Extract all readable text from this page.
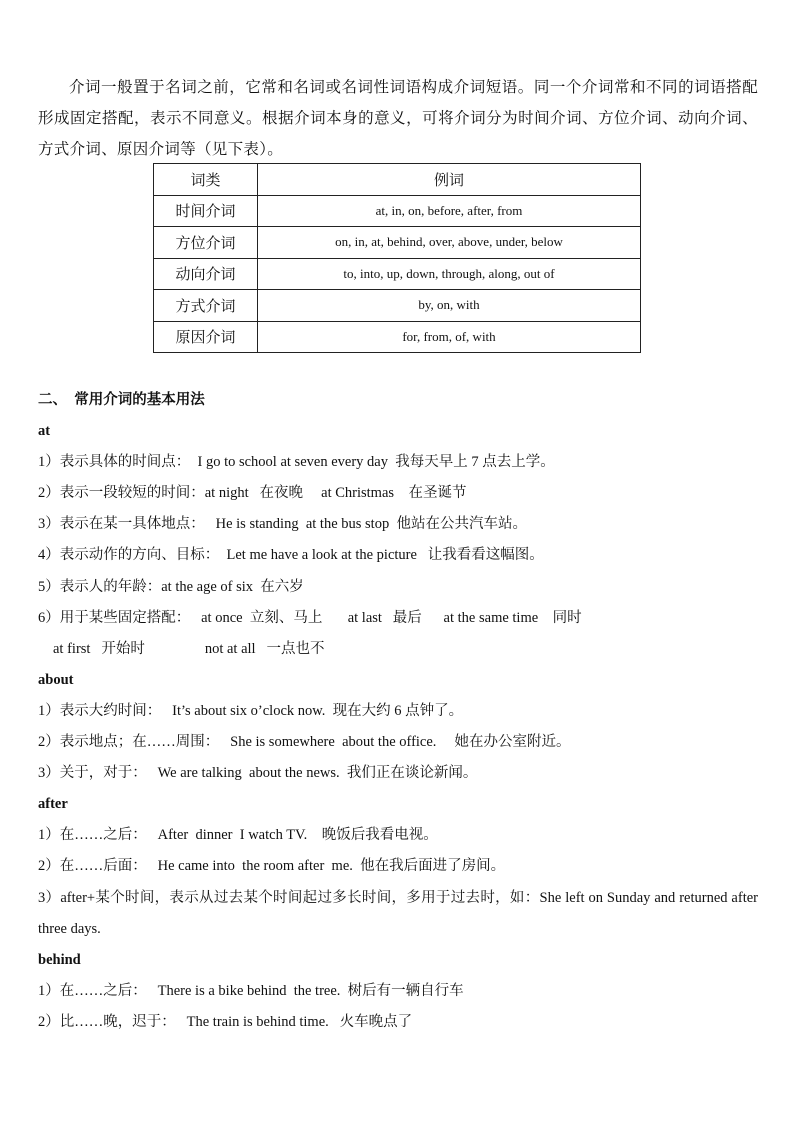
介词一般置于名词之前，它常和名词或名词性词语构成介词短语。同一个介词常和不同的词语搭配形成固定搭配，表示不同意义。根据介词本身的意义，可将介词分为时间介词、方位介词、动向介词、方式介词、原因介词等（见下表）。

词类	例词
时间介词	at, in, on, before, after, from
方位介词	on, in, at, behind, over, above, under, below
动向介词	to, into, up, down, through, along, out of
方式介词	by, on, with
原因介词	for, from, of, with
二、  常用介词的基本用法
at
1）表示具体的时间点：  I go to school at seven every day  我每天早上 7 点去上学。
2）表示一段较短的时间：at night   在夜晚     at Christmas    在圣诞节
3）表示在某一具体地点：   He is standing  at the bus stop  他站在公共汽车站。
4）表示动作的方向、目标：  Let me have a look at the picture   让我看看这幅图。
5）表示人的年龄：at the age of six  在六岁
6）用于某些固定搭配：   at once  立刻、马上       at last   最后      at the same time    同时
at first   开始时	not at all   一点也不
about
1）表示大约时间：   It’s about six o’clock now.  现在大约 6 点钟了。
2）表示地点；在……周围：   She is somewhere  about the office.     她在办公室附近。
3）关于，对于：   We are talking  about the news.  我们正在谈论新闻。
after
1）在……之后：   After  dinner  I watch TV.    晚饭后我看电视。
2）在……后面：   He came into  the room after  me.  他在我后面进了房间。
3）after+某个时间，表示从过去某个时间起过多长时间，多用于过去时，如：She left on Sunday and returned after three days.
behind
1）在……之后：   There is a bike behind  the tree.  树后有一辆自行车
2）比……晚，迟于：   The train is behind time.   火车晚点了
